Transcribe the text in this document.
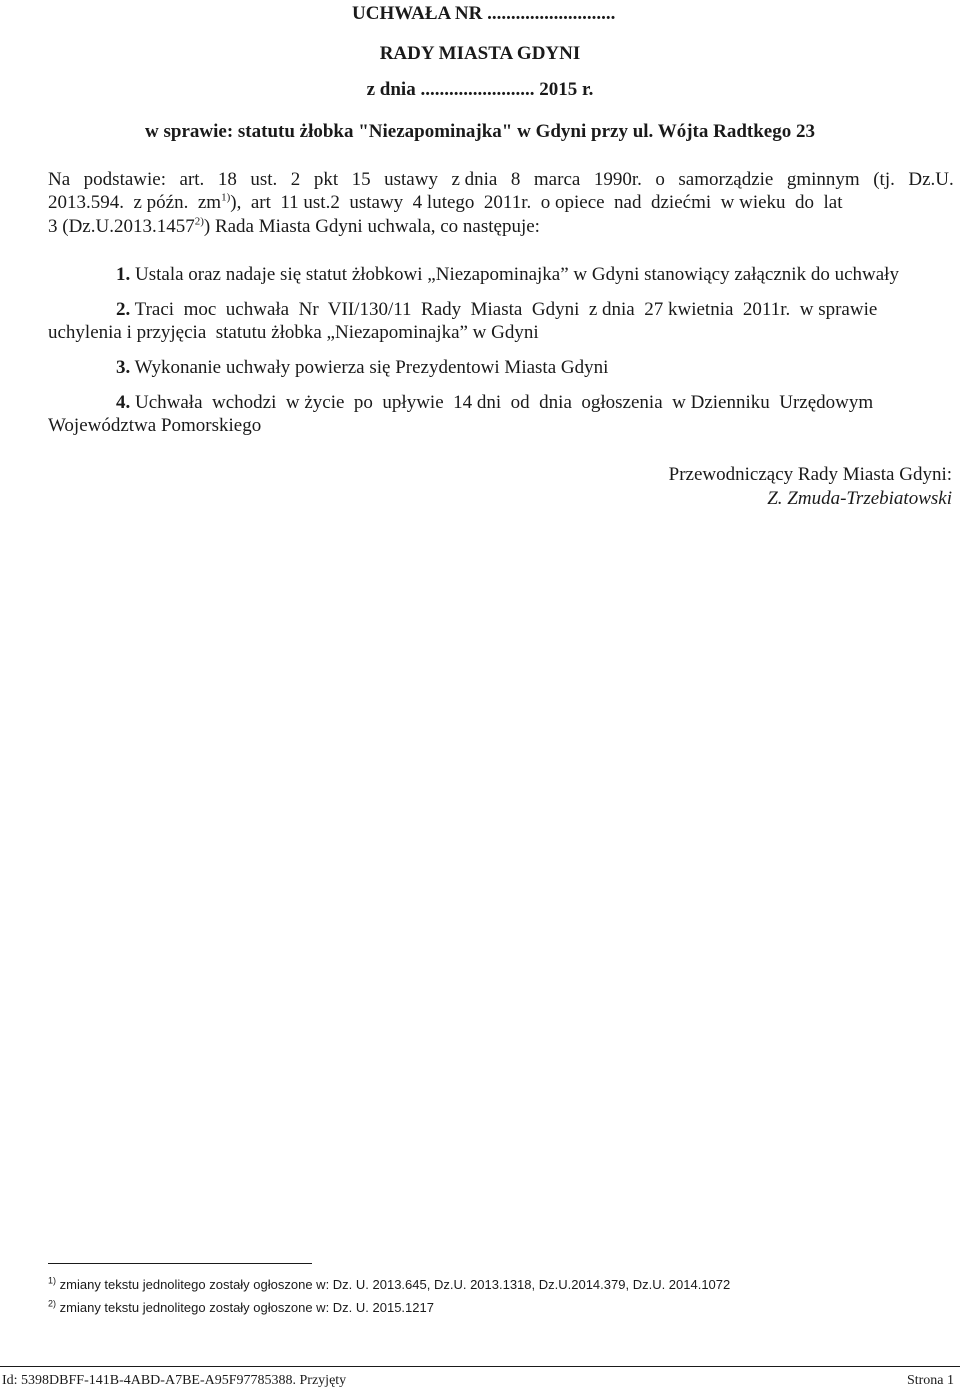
UCHWAŁA NR ...........................
RADY MIASTA GDYNI
z dnia ........................ 2015 r.
w sprawie: statutu żłobka "Niezapominajka" w Gdyni przy ul. Wójta Radtkego 23
Na podstawie: art. 18 ust. 2 pkt 15 ustawy z dnia 8 marca 1990r. o samorządzie gminnym (tj. Dz.U.
2013.594.  z późn.  $zm^{1)}$),  art  11 ust.2  ustawy  4 lutego  2011r.  o opiece  nad  dziećmi  w wieku  do  lat
3 (Dz.U.2013.1457$^{2)}$) Rada Miasta Gdyni uchwala, co następuje:
1. Ustala oraz nadaje się statut żłobkowi „Niezapominajka” w Gdyni stanowiący załącznik do uchwały
2. Traci  moc  uchwała  Nr  VII/130/11  Rady  Miasta  Gdyni  z dnia  27 kwietnia  2011r.  w sprawie
uchylenia i przyjęcia  statutu żłobka „Niezapominajka” w Gdyni
3. Wykonanie uchwały powierza się Prezydentowi Miasta Gdyni
4. Uchwała  wchodzi  w życie  po  upływie  14 dni  od  dnia  ogłoszenia  w Dzienniku  Urzędowym
Województwa Pomorskiego
Przewodniczący Rady Miasta Gdyni:
Z. Zmuda-Trzebiatowski
$^{1)}$ zmiany tekstu jednolitego zostały ogłoszone w: Dz. U. 2013.645, Dz.U. 2013.1318, Dz.U.2014.379, Dz.U. 2014.1072
$^{2)}$ zmiany tekstu jednolitego zostały ogłoszone w: Dz. U. 2015.1217
Id: 5398DBFF-141B-4ABD-A7BE-A95F97785388. Przyjęty	Strona 1
